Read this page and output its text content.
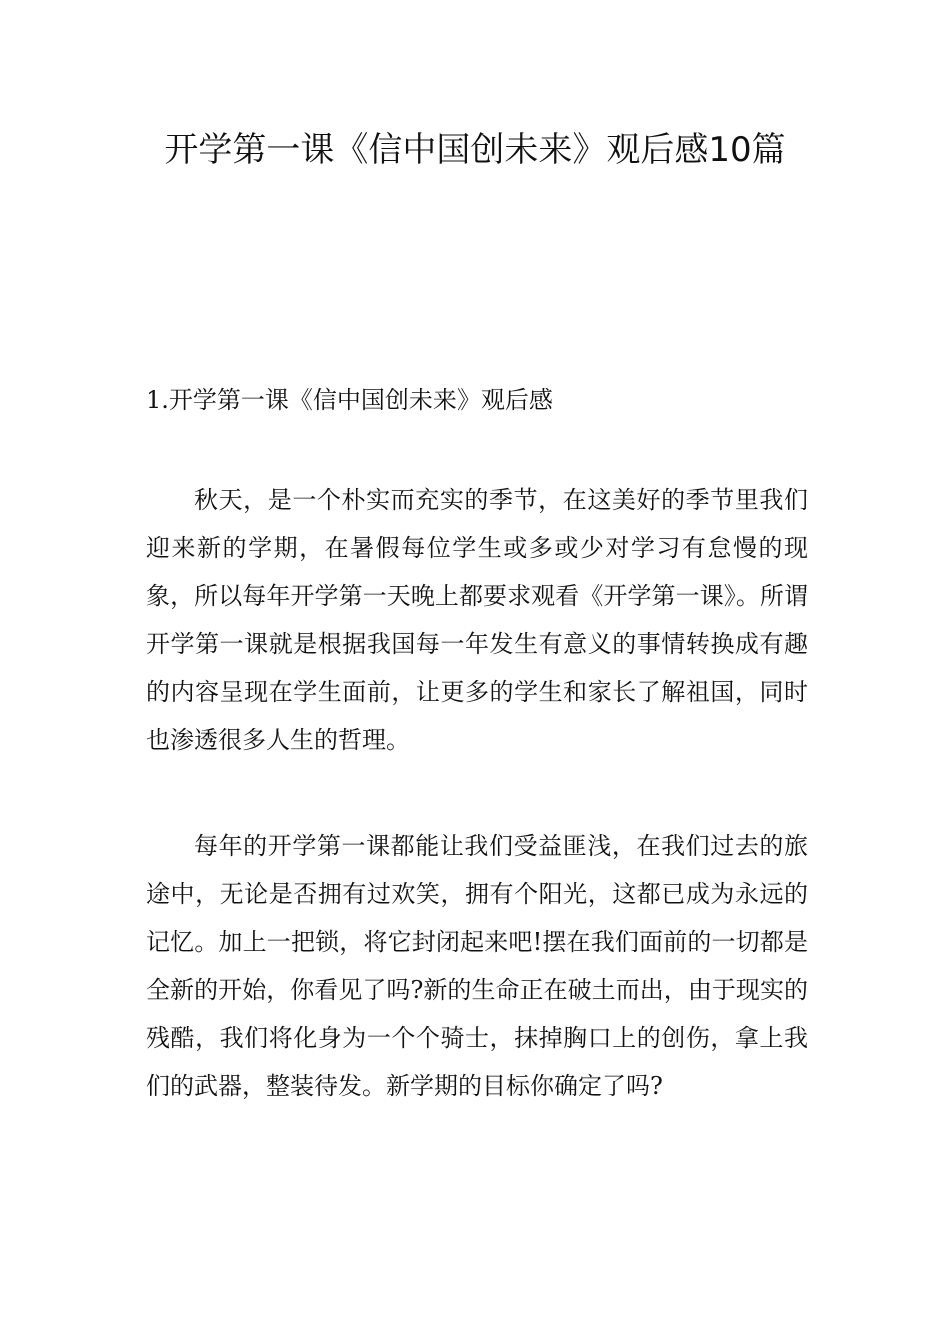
开学第一课《信中国创未来》观后感10篇
1.开学第一课《信中国创未来》观后感

秋天，是一个朴实而充实的季节，在这美好的季节里我们迎来新的学期，在暑假每位学生或多或少对学习有怠慢的现象，所以每年开学第一天晚上都要求观看《开学第一课》。所谓开学第一课就是根据我国每一年发生有意义的事情转换成有趣的内容呈现在学生面前，让更多的学生和家长了解祖国，同时也渗透很多人生的哲理。

每年的开学第一课都能让我们受益匪浅，在我们过去的旅途中，无论是否拥有过欢笑，拥有个阳光，这都已成为永远的记忆。加上一把锁，将它封闭起来吧!摆在我们面前的一切都是全新的开始，你看见了吗?新的生命正在破土而出，由于现实的残酷，我们将化身为一个个骑士，抹掉胸口上的创伤，拿上我们的武器，整装待发。新学期的目标你确定了吗?
